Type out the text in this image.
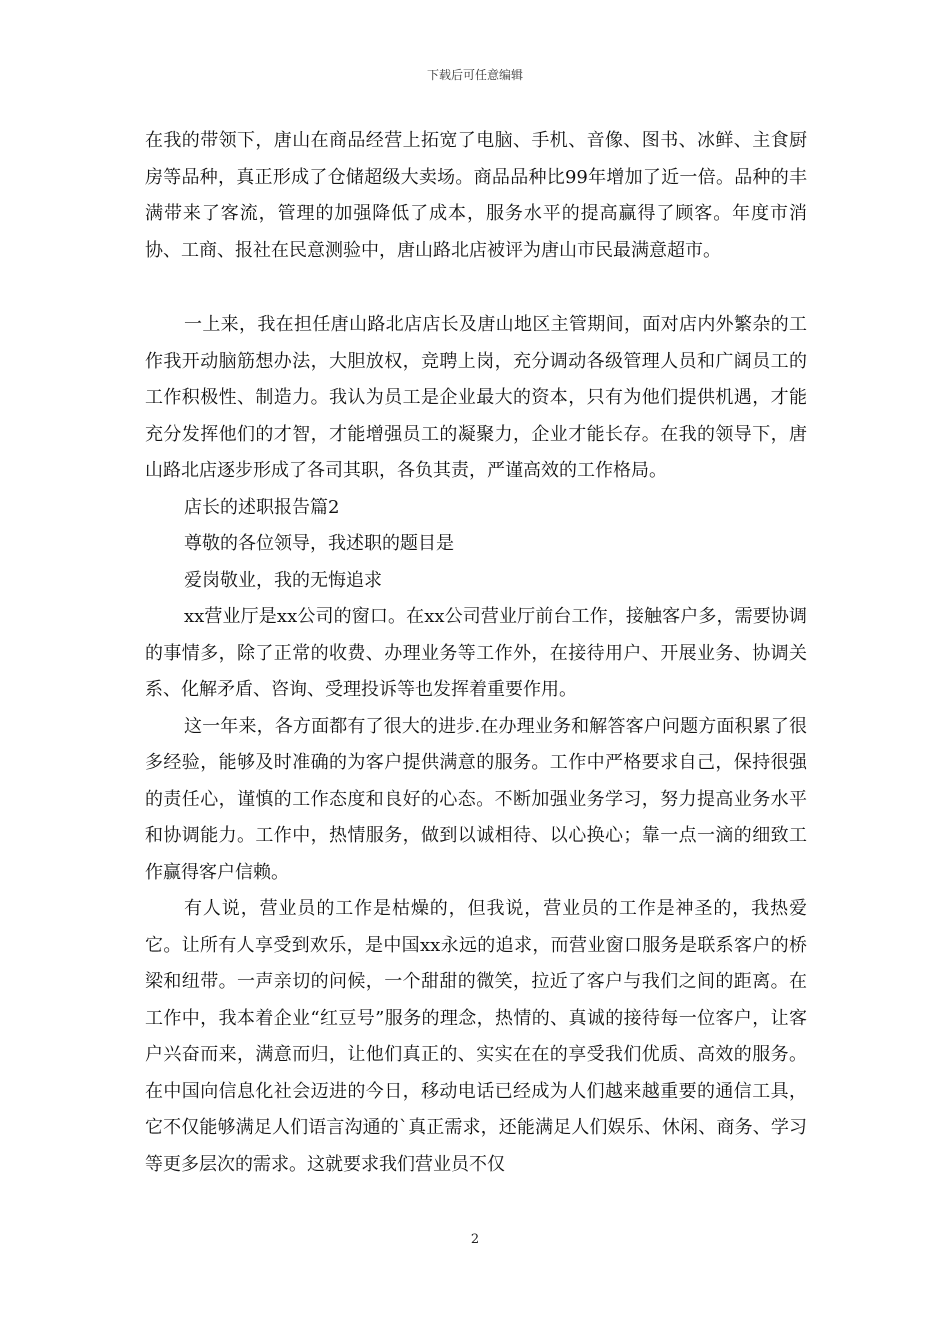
下载后可任意编辑

在我的带领下，唐山在商品经营上拓宽了电脑、手机、音像、图书、冰鲜、主食厨房等品种，真正形成了仓储超级大卖场。商品品种比99年增加了近一倍。品种的丰满带来了客流，管理的加强降低了成本，服务水平的提高赢得了顾客。年度市消协、工商、报社在民意测验中，唐山路北店被评为唐山市民最满意超市。

一上来，我在担任唐山路北店店长及唐山地区主管期间，面对店内外繁杂的工作我开动脑筋想办法，大胆放权，竞聘上岗，充分调动各级管理人员和广阔员工的工作积极性、制造力。我认为员工是企业最大的资本，只有为他们提供机遇，才能充分发挥他们的才智，才能增强员工的凝聚力，企业才能长存。在我的领导下，唐山路北店逐步形成了各司其职，各负其责，严谨高效的工作格局。

店长的述职报告篇2

尊敬的各位领导，我述职的题目是

爱岗敬业，我的无悔追求

xx营业厅是xx公司的窗口。在xx公司营业厅前台工作，接触客户多，需要协调的事情多，除了正常的收费、办理业务等工作外，在接待用户、开展业务、协调关系、化解矛盾、咨询、受理投诉等也发挥着重要作用。

这一年来，各方面都有了很大的进步.在办理业务和解答客户问题方面积累了很多经验，能够及时准确的为客户提供满意的服务。工作中严格要求自己，保持很强的责任心，谨慎的工作态度和良好的心态。不断加强业务学习，努力提高业务水平和协调能力。工作中，热情服务，做到以诚相待、以心换心；靠一点一滴的细致工作赢得客户信赖。

有人说，营业员的工作是枯燥的，但我说，营业员的工作是神圣的，我热爱它。让所有人享受到欢乐，是中国xx永远的追求，而营业窗口服务是联系客户的桥梁和纽带。一声亲切的问候，一个甜甜的微笑，拉近了客户与我们之间的距离。在工作中，我本着企业“红豆号”服务的理念，热情的、真诚的接待每一位客户，让客户兴奋而来，满意而归，让他们真正的、实实在在的享受我们优质、高效的服务。在中国向信息化社会迈进的今日，移动电话已经成为人们越来越重要的通信工具，它不仅能够满足人们语言沟通的`真正需求，还能满足人们娱乐、休闲、商务、学习等更多层次的需求。这就要求我们营业员不仅

2
